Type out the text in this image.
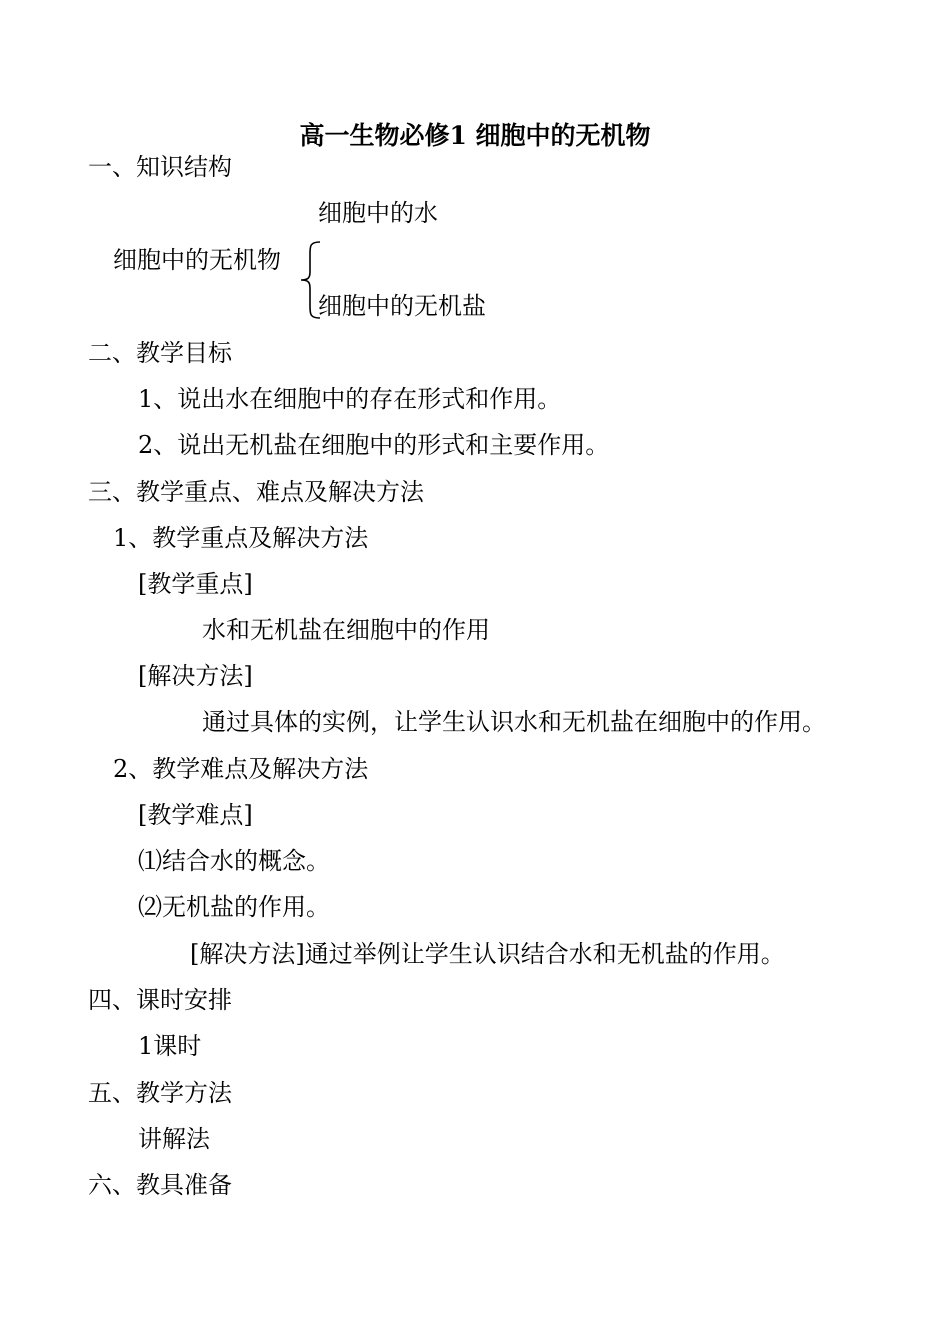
高一生物必修1 细胞中的无机物
一、知识结构
细胞中的水
细胞中的无机物
细胞中的无机盐
二、教学目标
1、说出水在细胞中的存在形式和作用。
2、说出无机盐在细胞中的形式和主要作用。
三、教学重点、难点及解决方法
1、教学重点及解决方法
[教学重点]
水和无机盐在细胞中的作用
[解决方法]
通过具体的实例，让学生认识水和无机盐在细胞中的作用。
2、教学难点及解决方法
[教学难点]
⑴结合水的概念。
⑵无机盐的作用。
[解决方法]通过举例让学生认识结合水和无机盐的作用。
四、课时安排
1课时
五、教学方法
讲解法
六、教具准备
